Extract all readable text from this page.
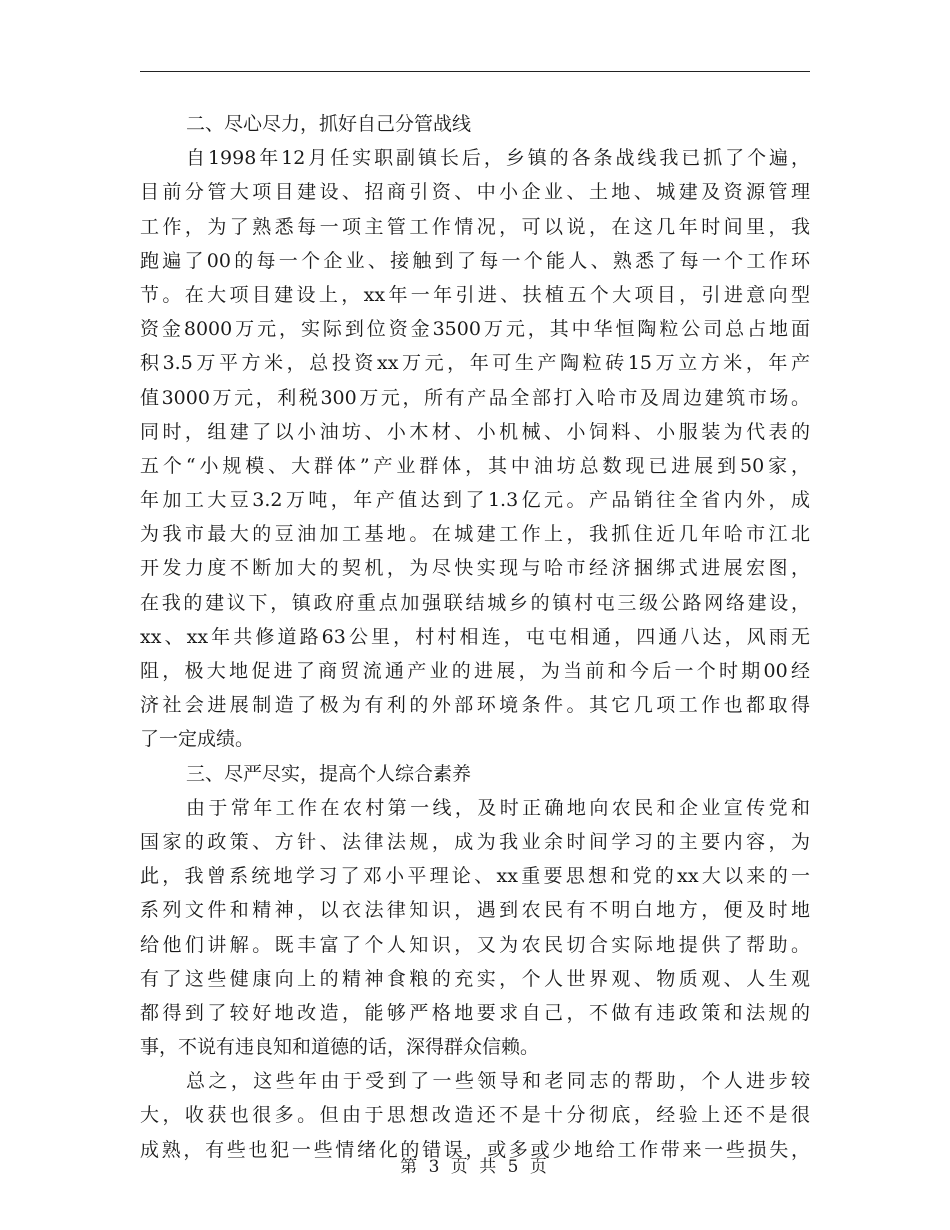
二、尽心尽力，抓好自己分管战线
自1998年12月任实职副镇长后，乡镇的各条战线我已抓了个遍，
目前分管大项目建设、招商引资、中小企业、土地、城建及资源管理
工作，为了熟悉每一项主管工作情况，可以说，在这几年时间里，我
跑遍了00的每一个企业、接触到了每一个能人、熟悉了每一个工作环
节。在大项目建设上，xx年一年引进、扶植五个大项目，引进意向型
资金8000万元，实际到位资金3500万元，其中华恒陶粒公司总占地面
积3.5万平方米，总投资xx万元，年可生产陶粒砖15万立方米，年产
值3000万元，利税300万元，所有产品全部打入哈市及周边建筑市场。
同时，组建了以小油坊、小木材、小机械、小饲料、小服装为代表的
五个“小规模、大群体”产业群体，其中油坊总数现已进展到50家，
年加工大豆3.2万吨，年产值达到了1.3亿元。产品销往全省内外，成
为我市最大的豆油加工基地。在城建工作上，我抓住近几年哈市江北
开发力度不断加大的契机，为尽快实现与哈市经济捆绑式进展宏图，
在我的建议下，镇政府重点加强联结城乡的镇村屯三级公路网络建设，
xx、xx年共修道路63公里，村村相连，屯屯相通，四通八达，风雨无
阻，极大地促进了商贸流通产业的进展，为当前和今后一个时期00经
济社会进展制造了极为有利的外部环境条件。其它几项工作也都取得
了一定成绩。
三、尽严尽实，提高个人综合素养
由于常年工作在农村第一线，及时正确地向农民和企业宣传党和
国家的政策、方针、法律法规，成为我业余时间学习的主要内容，为
此，我曾系统地学习了邓小平理论、xx重要思想和党的xx大以来的一
系列文件和精神，以衣法律知识，遇到农民有不明白地方，便及时地
给他们讲解。既丰富了个人知识，又为农民切合实际地提供了帮助。
有了这些健康向上的精神食粮的充实，个人世界观、物质观、人生观
都得到了较好地改造，能够严格地要求自己，不做有违政策和法规的
事，不说有违良知和道德的话，深得群众信赖。
总之，这些年由于受到了一些领导和老同志的帮助，个人进步较
大，收获也很多。但由于思想改造还不是十分彻底，经验上还不是很
成熟，有些也犯一些情绪化的错误，或多或少地给工作带来一些损失，
第 3 页 共 5 页
